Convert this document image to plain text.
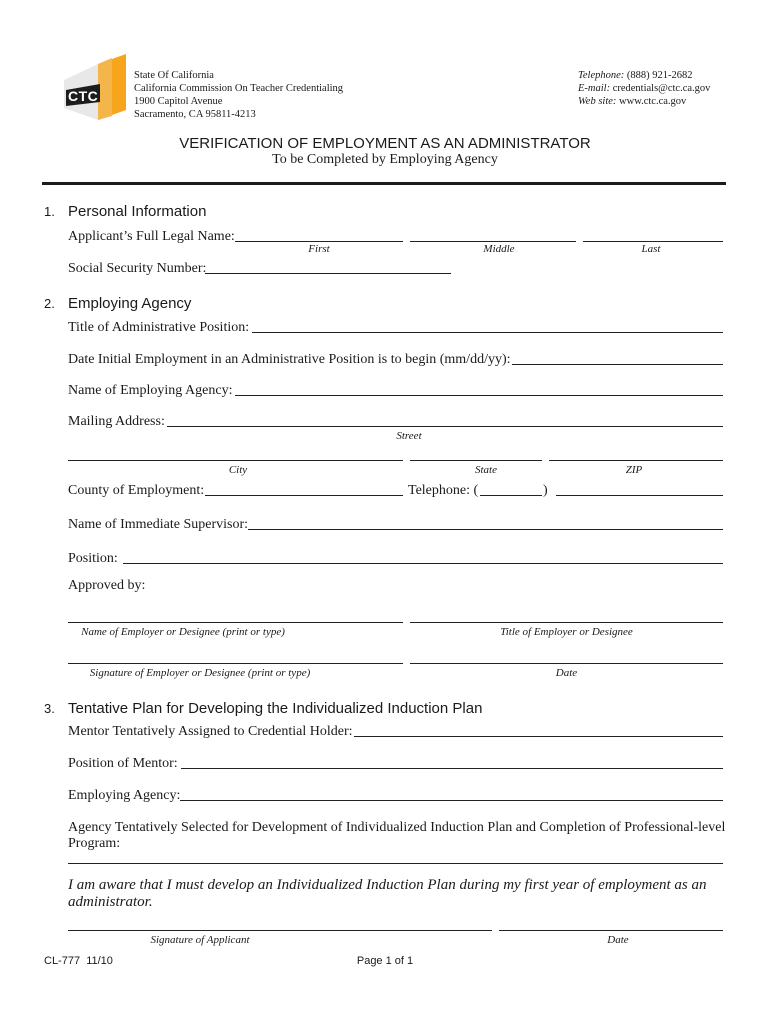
CTC
State Of California
California Commission On Teacher Credentialing
1900 Capitol Avenue
Sacramento, CA 95811-4213
Telephone: (888) 921-2682
E-mail: credentials@ctc.ca.gov
Web site: www.ctc.ca.gov
VERIFICATION OF EMPLOYMENT AS AN ADMINISTRATOR
To be Completed by Employing Agency
1. Personal Information
Applicant’s Full Legal Name:
First	Middle	Last
Social Security Number:
2. Employing Agency
Title of Administrative Position:
Date Initial Employment in an Administrative Position is to begin (mm/dd/yy):
Name of Employing Agency:
Mailing Address:
Street
City	State	ZIP
County of Employment:	Telephone: (	)
Name of Immediate Supervisor:
Position:
Approved by:
Name of Employer or Designee (print or type)	Title of Employer or Designee
Signature of Employer or Designee (print or type)	Date
3. Tentative Plan for Developing the Individualized Induction Plan
Mentor Tentatively Assigned to Credential Holder:
Position of Mentor:
Employing Agency:
Agency Tentatively Selected for Development of Individualized Induction Plan and Completion of Professional-level
Program:
I am aware that I must develop an Individualized Induction Plan during my first year of employment as an
administrator.
Signature of Applicant	Date
CL-777  11/10	Page 1 of 1
